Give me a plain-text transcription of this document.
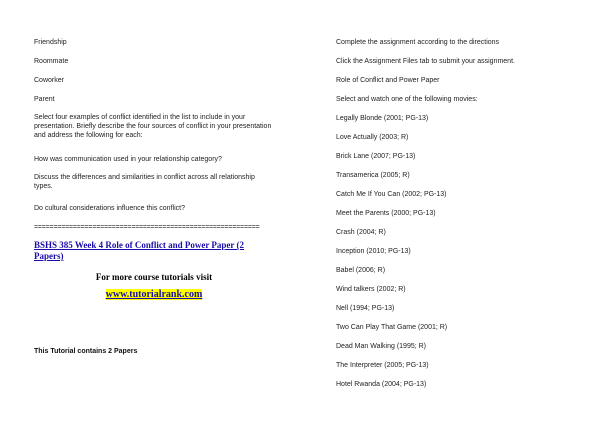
Friendship
Roommate
Coworker
Parent
Select four examples of conflict identified in the list to include in your presentation. Briefly describe the four sources of conflict in your presentation and address the following for each:
How was communication used in your relationship category?
Discuss the differences and similarities in conflict across all relationship types.
Do cultural considerations influence this conflict?
==========================================================
BSHS 385 Week 4 Role of Conflict and Power Paper (2 Papers)
For more course tutorials visit
www.tutorialrank.com
This Tutorial contains 2 Papers
Complete the assignment according to the directions
Click the Assignment Files tab to submit your assignment.
Role of Conflict and Power Paper
Select and watch one of the following movies:
Legally Blonde (2001; PG-13)
Love Actually (2003; R)
Brick Lane (2007; PG-13)
Transamerica (2005; R)
Catch Me If You Can (2002; PG-13)
Meet the Parents (2000; PG-13)
Crash (2004; R)
Inception (2010; PG-13)
Babel (2006; R)
Wind talkers (2002; R)
Nell (1994; PG-13)
Two Can Play That Game (2001; R)
Dead Man Walking (1995; R)
The Interpreter (2005; PG-13)
Hotel Rwanda (2004; PG-13)
